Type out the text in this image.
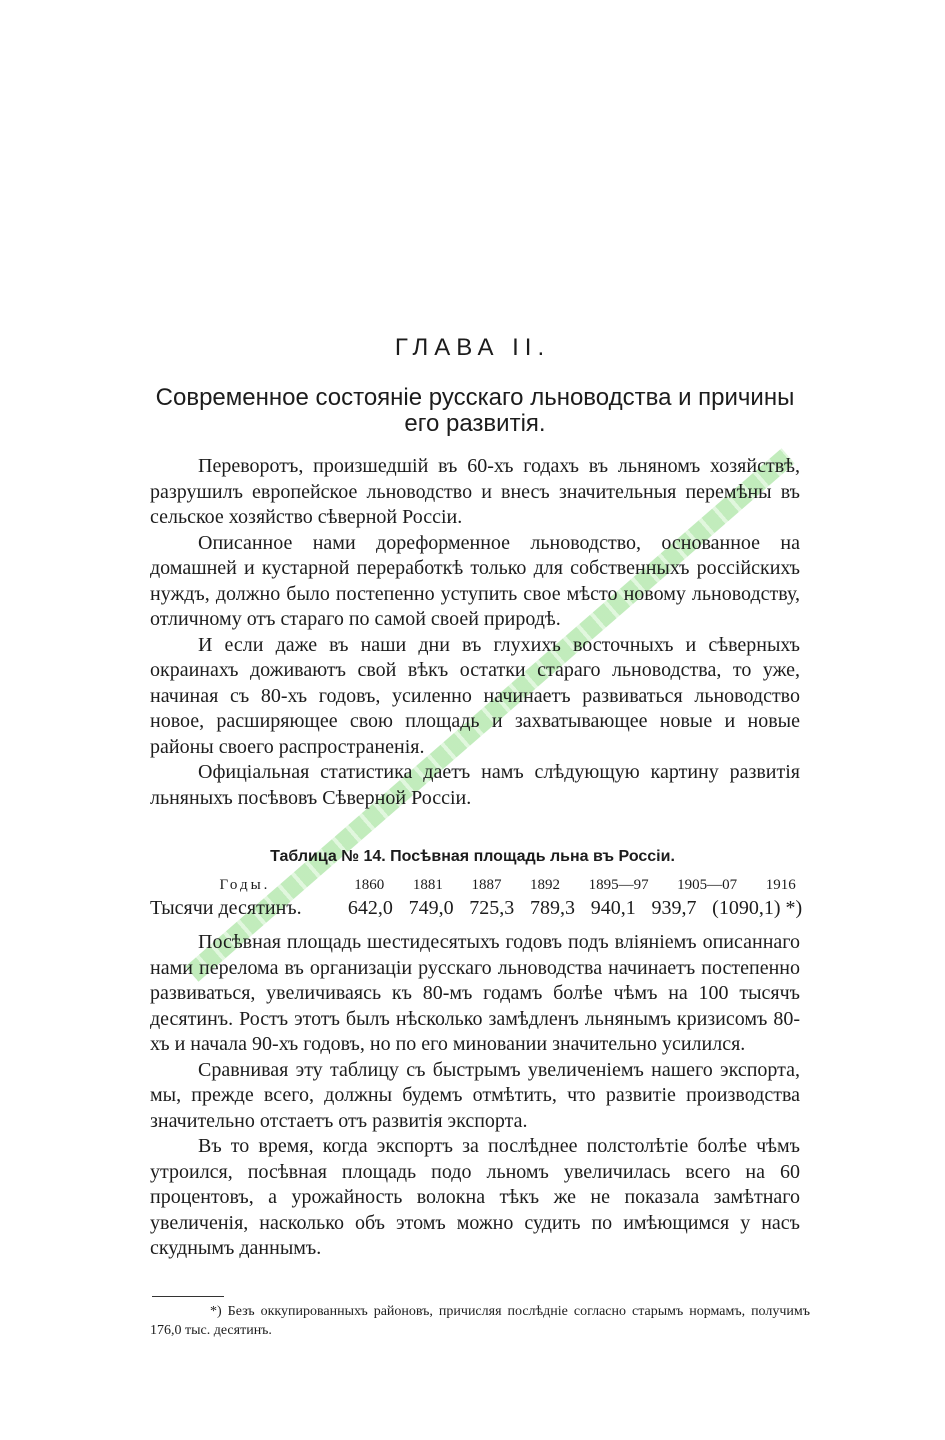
ГЛАВА II.
Современное состояніе русскаго льноводства и причины его развитія.

Переворотъ, произшедшій въ 60-хъ годахъ въ льняномъ хозяйствѣ, разрушилъ европейское льноводство и внесъ значительныя перемѣны въ сельское хозяйство сѣверной Россіи.

Описанное нами дореформенное льноводство, основанное на домашней и кустарной переработкѣ только для собственныхъ россійскихъ нуждъ, должно было постепенно уступить свое мѣсто новому льноводству, отличному отъ стараго по самой своей природѣ.

И если даже въ наши дни въ глухихъ восточныхъ и сѣверныхъ окраинахъ доживаютъ свой вѣкъ остатки стараго льноводства, то уже, начиная съ 80-хъ годовъ, усиленно начинаетъ развиваться льноводство новое, расширяющее свою площадь и захватывающее новые и новые районы своего распространенія.

Офиціальная статистика даетъ намъ слѣдующую картину развитія льняныхъ посѣвовъ Сѣверной Россіи.

Таблица № 14. Посѣвная площадь льна въ Россіи.
Годы.	1860	1881	1887	1892	1895—97	1905—07	1916
Тысячи десятинъ.	642,0 749,0 725,3 789,3 940,1 939,7 (1090,1) *)

Посѣвная площадь шестидесятыхъ годовъ подъ вліяніемъ описаннаго нами перелома въ организаціи русскаго льноводства начинаетъ постепенно развиваться, увеличиваясь къ 80-мъ годамъ болѣе чѣмъ на 100 тысячъ десятинъ. Ростъ этотъ былъ нѣсколько замѣдленъ льнянымъ кризисомъ 80-хъ и начала 90-хъ годовъ, но по его миновании значительно усилился.

Сравнивая эту таблицу съ быстрымъ увеличеніемъ нашего экспорта, мы, прежде всего, должны будемъ отмѣтить, что развитіе производства значительно отстаетъ отъ развитія экспорта.

Въ то время, когда экспортъ за послѣднее полстолѣтіе болѣе чѣмъ утроился, посѣвная площадь подо льномъ увеличилась всего на 60 процентовъ, а урожайность волокна тѣкъ же не показала замѣтнаго увеличенія, насколько объ этомъ можно судить по имѣющимся у насъ скуднымъ даннымъ.

*) Безъ оккупированныхъ районовъ, причисляя послѣдніе согласно старымъ нормамъ, получимъ 176,0 тыс. десятинъ.
